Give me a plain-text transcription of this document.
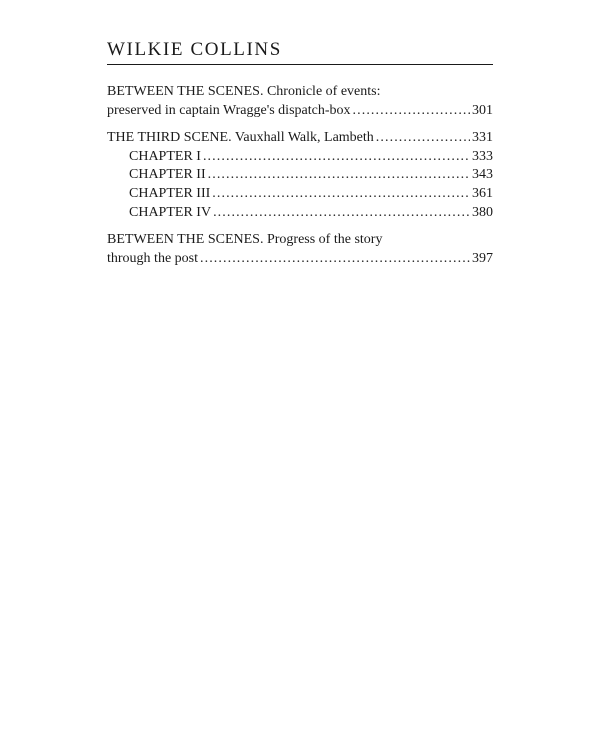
WILKIE COLLINS
BETWEEN THE SCENES. Chronicle of events:
preserved in captain Wragge's dispatch-box . . .	301
THE THIRD SCENE. Vauxhall Walk, Lambeth . . .	331
CHAPTER I . . .	333
CHAPTER II . . .	343
CHAPTER III . . .	361
CHAPTER IV . . .	380
BETWEEN THE SCENES. Progress of the story
through the post . . .	397
